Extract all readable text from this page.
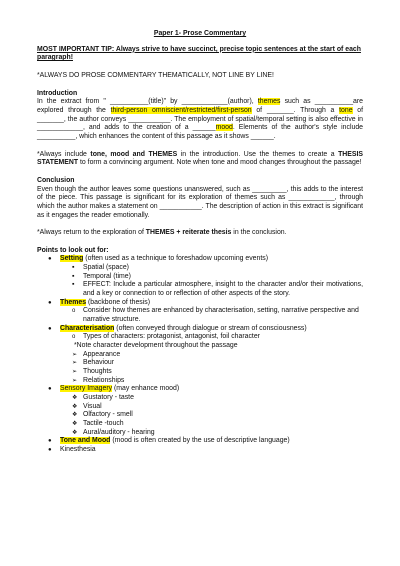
Paper 1- Prose Commentary

MOST IMPORTANT TIP: Always strive to have succinct, precise topic sentences at the start of each paragraph!

*ALWAYS DO PROSE COMMENTARY THEMATICALLY, NOT LINE BY LINE!

Introduction

In the extract from " __________(title)" by ____________(author), themes such as __________are explored through the third-person omniscient/restricted/first-person of _______. Through a tone of _______, the author conveys ___________. The employment of spatial/temporal setting is also effective in ____________, and adds to the creation of a ______mood. Elements of the author's style include __________, which enhances the content of this passage as it shows ______.

*Always include tone, mood and THEMES in the introduction. Use the themes to create a THESIS STATEMENT to form a convincing argument. Note when tone and mood changes throughout the passage!

Conclusion

Even though the author leaves some questions unanswered, such as _________, this adds to the interest of the piece. This passage is significant for its exploration of themes such as ____________, through which the author makes a statement on ___________. The description of action in this extract is significant as it engages the reader emotionally.

*Always return to the exploration of THEMES + reiterate thesis in the conclusion.

Points to look out for:

● Setting (often used as a technique to foreshadow upcoming events)
▪ Spatial (space)
▪ Temporal (time)
▪ EFFECT: Include a particular atmosphere, insight to the character and/or their motivations, and a key or connection to or reflection of other aspects of the story.
● Themes (backbone of thesis)
o Consider how themes are enhanced by characterisation, setting, narrative perspective and narrative structure.
● Characterisation (often conveyed through dialogue or stream of consciousness)
o Types of characters: protagonist, antagonist, foil character

*Note character development throughout the passage

➢ Appearance
➢ Behaviour
➢ Thoughts
➢ Relationships
● Sensory Imagery (may enhance mood)
❖ Gustatory - taste
❖ Visual
❖ Olfactory - smell
❖ Tactile -touch
❖ Aural/auditory - hearing
● Tone and Mood (mood is often created by the use of descriptive language)
● Kinesthesia
